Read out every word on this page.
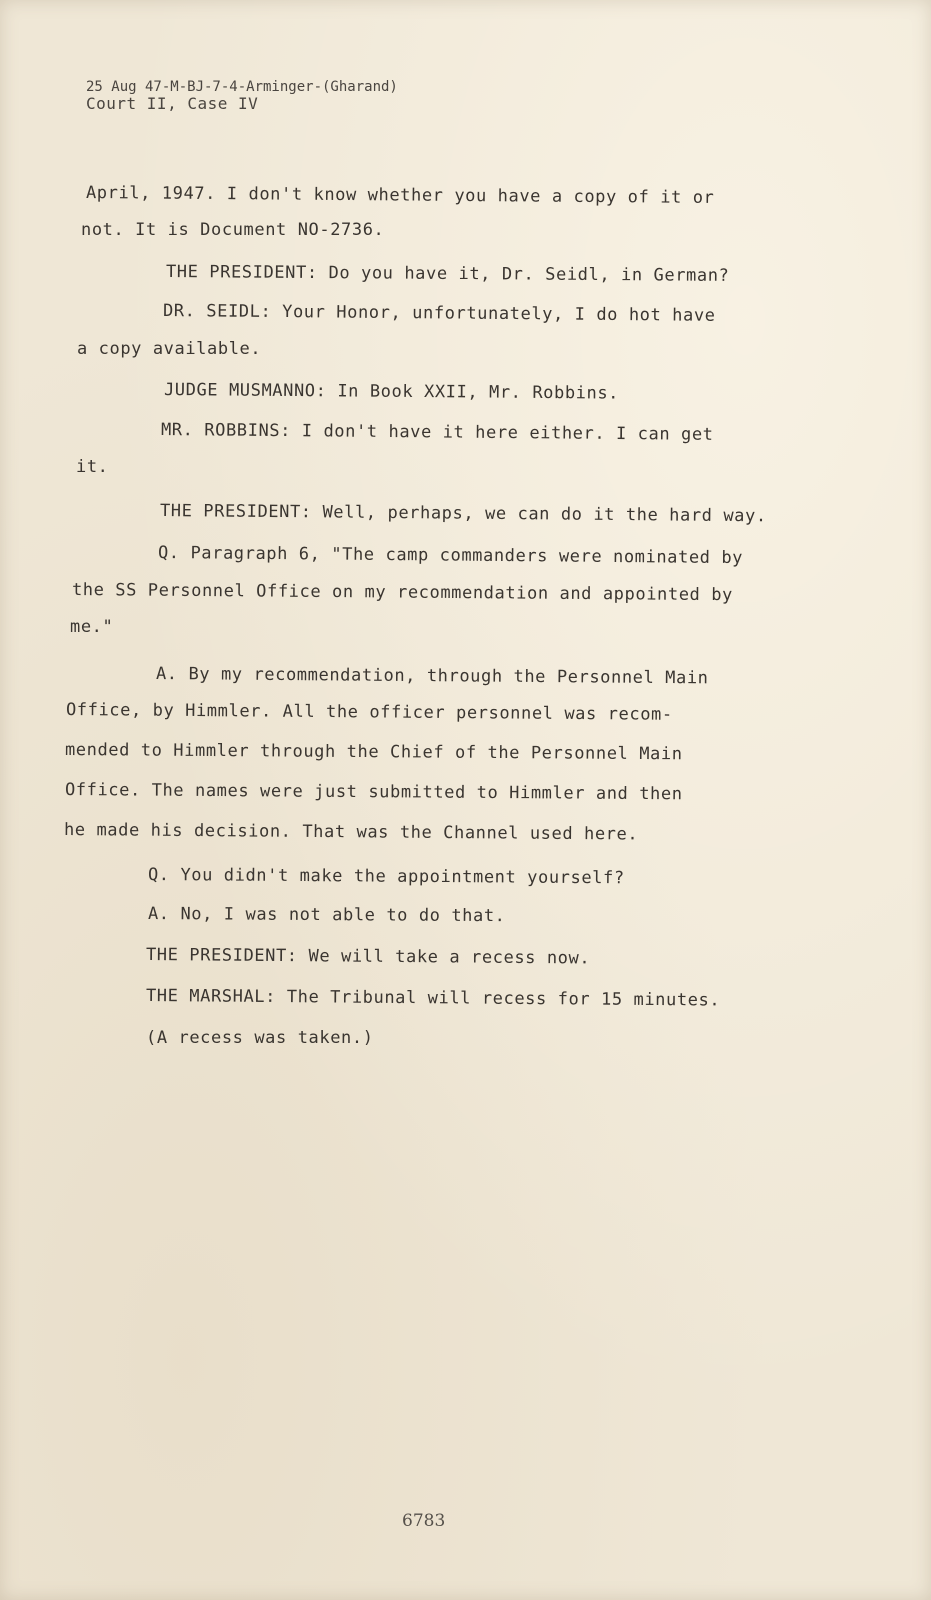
25 Aug 47-M-BJ-7-4-Arminger-(Gharand)
Court II, Case IV
April, 1947. I don't know whether you have a copy of it or
not. It is Document NO-2736.
THE PRESIDENT: Do you have it, Dr. Seidl, in German?
DR. SEIDL: Your Honor, unfortunately, I do hot have
a copy available.
JUDGE MUSMANNO: In Book XXII, Mr. Robbins.
MR. ROBBINS: I don't have it here either. I can get
it.
THE PRESIDENT: Well, perhaps, we can do it the hard way.
Q. Paragraph 6, "The camp commanders were nominated by
the SS Personnel Office on my recommendation and appointed by
me."
A. By my recommendation, through the Personnel Main
Office, by Himmler. All the officer personnel was recom-
mended to Himmler through the Chief of the Personnel Main
Office. The names were just submitted to Himmler and then
he made his decision. That was the Channel used here.
Q. You didn't make the appointment yourself?
A. No, I was not able to do that.
THE PRESIDENT: We will take a recess now.
THE MARSHAL: The Tribunal will recess for 15 minutes.
(A recess was taken.)
6783
